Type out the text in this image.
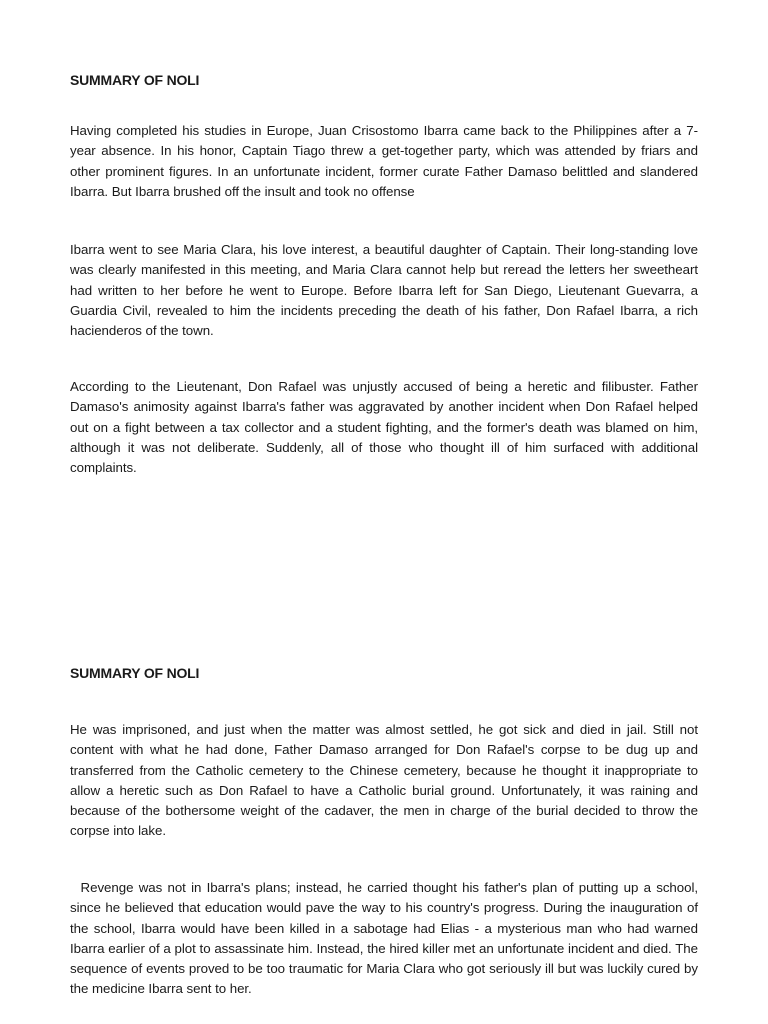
SUMMARY OF NOLI

Having completed his studies in Europe, Juan Crisostomo Ibarra came back to the Philippines after a 7-year absence. In his honor, Captain Tiago threw a get-together party, which was attended by friars and other prominent figures. In an unfortunate incident, former curate Father Damaso belittled and slandered Ibarra. But Ibarra brushed off the insult and took no offense

Ibarra went to see Maria Clara, his love interest, a beautiful daughter of Captain. Their long-standing love was clearly manifested in this meeting, and Maria Clara cannot help but reread the letters her sweetheart had written to her before he went to Europe. Before Ibarra left for San Diego, Lieutenant Guevarra, a Guardia Civil, revealed to him the incidents preceding the death of his father, Don Rafael Ibarra, a rich hacienderos of the town.

According to the Lieutenant, Don Rafael was unjustly accused of being a heretic and filibuster. Father Damaso's animosity against Ibarra's father was aggravated by another incident when Don Rafael helped out on a fight between a tax collector and a student fighting, and the former's death was blamed on him, although it was not deliberate. Suddenly, all of those who thought ill of him surfaced with additional complaints.

SUMMARY OF NOLI

He was imprisoned, and just when the matter was almost settled, he got sick and died in jail. Still not content with what he had done, Father Damaso arranged for Don Rafael's corpse to be dug up and transferred from the Catholic cemetery to the Chinese cemetery, because he thought it inappropriate to allow a heretic such as Don Rafael to have a Catholic burial ground. Unfortunately, it was raining and because of the bothersome weight of the cadaver, the men in charge of the burial decided to throw the corpse into lake.

Revenge was not in Ibarra's plans; instead, he carried thought his father's plan of putting up a school, since he believed that education would pave the way to his country's progress. During the inauguration of the school, Ibarra would have been killed in a sabotage had Elias - a mysterious man who had warned Ibarra earlier of a plot to assassinate him. Instead, the hired killer met an unfortunate incident and died. The sequence of events proved to be too traumatic for Maria Clara who got seriously ill but was luckily cured by the medicine Ibarra sent to her.
